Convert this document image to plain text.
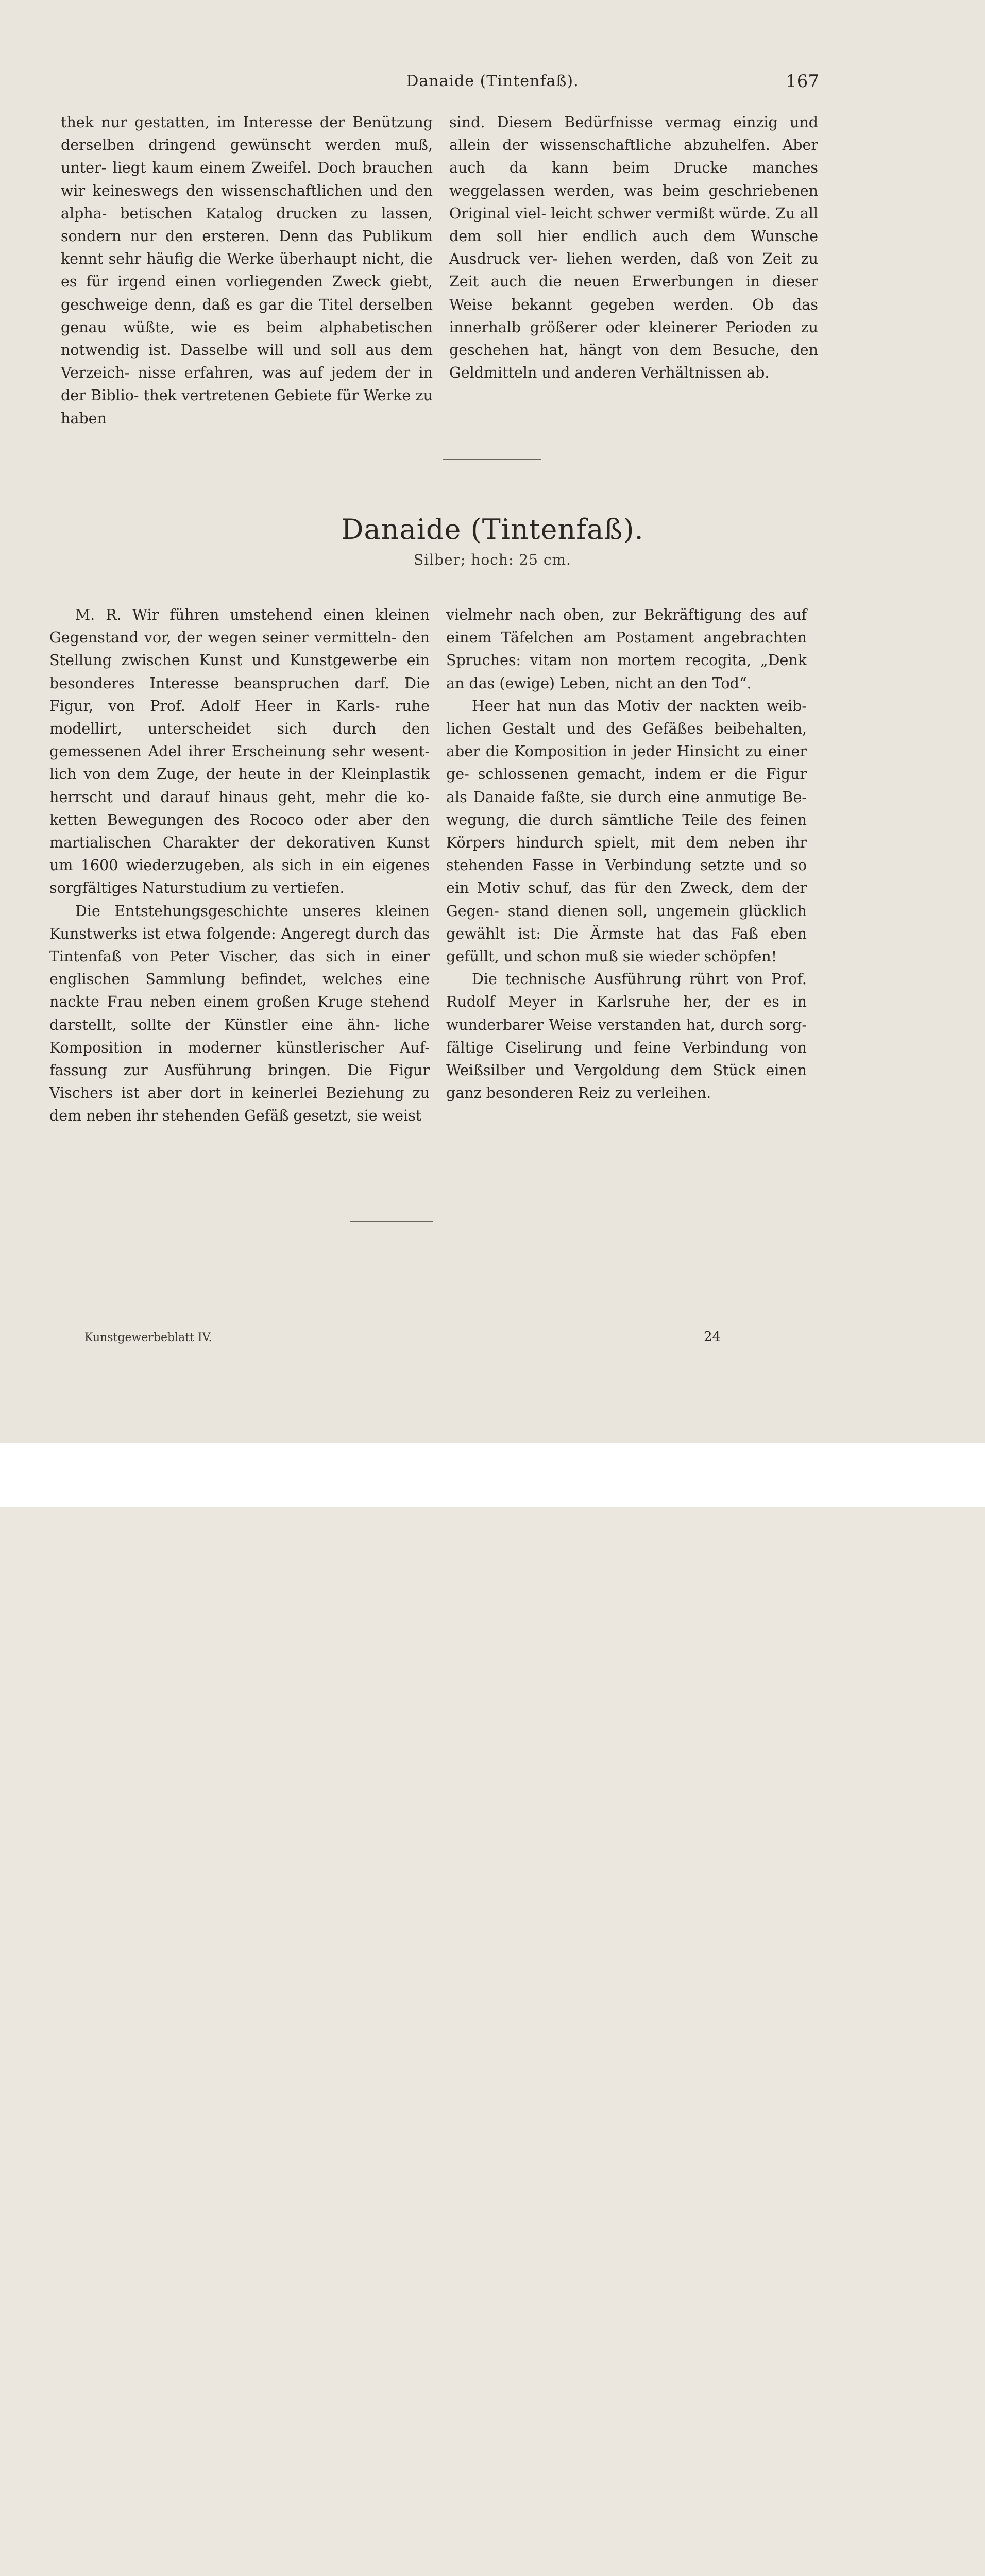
Danaide (Tintenfaß).	167

thek nur gestatten, im Interesse der Benützung derselben dringend gewünscht werden muß, unter- liegt kaum einem Zweifel. Doch brauchen wir keineswegs den wissenschaftlichen und den alpha- betischen Katalog drucken zu lassen, sondern nur den ersteren. Denn das Publikum kennt sehr häufig die Werke überhaupt nicht, die es für irgend einen vorliegenden Zweck giebt, geschweige denn, daß es gar die Titel derselben genau wüßte, wie es beim alphabetischen notwendig ist. Dasselbe will und soll aus dem Verzeich- nisse erfahren, was auf jedem der in der Biblio- thek vertretenen Gebiete für Werke zu haben

sind. Diesem Bedürfnisse vermag einzig und allein der wissenschaftliche abzuhelfen. Aber auch da kann beim Drucke manches weggelassen werden, was beim geschriebenen Original viel- leicht schwer vermißt würde. Zu all dem soll hier endlich auch dem Wunsche Ausdruck ver- liehen werden, daß von Zeit zu Zeit auch die neuen Erwerbungen in dieser Weise bekannt gegeben werden. Ob das innerhalb größerer oder kleinerer Perioden zu geschehen hat, hängt von dem Besuche, den Geldmitteln und anderen Verhältnissen ab.

Danaide (Tintenfaß).
Silber; hoch: 25 cm.

M. R. Wir führen umstehend einen kleinen Gegenstand vor, der wegen seiner vermitteln- den Stellung zwischen Kunst und Kunstgewerbe ein besonderes Interesse beanspruchen darf. Die Figur, von Prof. Adolf Heer in Karls- ruhe modellirt, unterscheidet sich durch den gemessenen Adel ihrer Erscheinung sehr wesent- lich von dem Zuge, der heute in der Kleinplastik herrscht und darauf hinaus geht, mehr die ko- ketten Bewegungen des Rococo oder aber den martialischen Charakter der dekorativen Kunst um 1600 wiederzugeben, als sich in ein eigenes sorgfältiges Naturstudium zu vertiefen.

Die Entstehungsgeschichte unseres kleinen Kunstwerks ist etwa folgende: Angeregt durch das Tintenfaß von Peter Vischer, das sich in einer englischen Sammlung befindet, welches eine nackte Frau neben einem großen Kruge stehend darstellt, sollte der Künstler eine ähn- liche Komposition in moderner künstlerischer Auf- fassung zur Ausführung bringen. Die Figur Vischers ist aber dort in keinerlei Beziehung zu dem neben ihr stehenden Gefäß gesetzt, sie weist

vielmehr nach oben, zur Bekräftigung des auf einem Täfelchen am Postament angebrachten Spruches: vitam non mortem recogita, „Denk an das (ewige) Leben, nicht an den Tod“.

Heer hat nun das Motiv der nackten weib- lichen Gestalt und des Gefäßes beibehalten, aber die Komposition in jeder Hinsicht zu einer ge- schlossenen gemacht, indem er die Figur als Danaide faßte, sie durch eine anmutige Be- wegung, die durch sämtliche Teile des feinen Körpers hindurch spielt, mit dem neben ihr stehenden Fasse in Verbindung setzte und so ein Motiv schuf, das für den Zweck, dem der Gegen- stand dienen soll, ungemein glücklich gewählt ist: Die Ärmste hat das Faß eben gefüllt, und schon muß sie wieder schöpfen!

Die technische Ausführung rührt von Prof. Rudolf Meyer in Karlsruhe her, der es in wunderbarer Weise verstanden hat, durch sorg- fältige Ciselirung und feine Verbindung von Weißsilber und Vergoldung dem Stück einen ganz besonderen Reiz zu verleihen.

Kunstgewerbeblatt IV.	24
